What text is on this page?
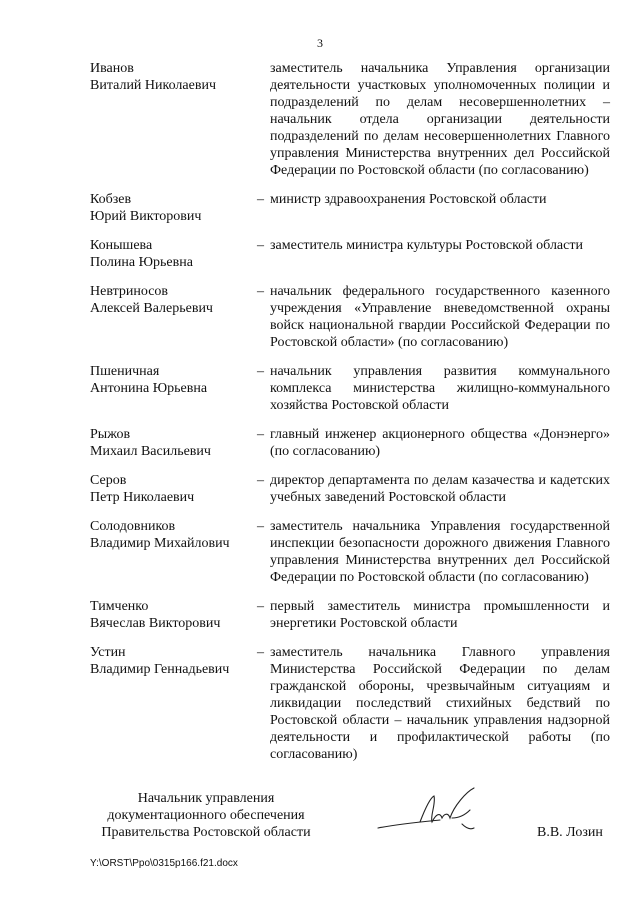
3
Иванов
Виталий Николаевич
заместитель начальника Управления организации деятельности участковых уполномоченных полиции и подразделений по делам несовершеннолетних – начальник отдела организации деятельности подразделений по делам несовершеннолетних Главного управления Министерства внутренних дел Российской Федерации по Ростовской области (по согласованию)
Кобзев
Юрий Викторович
– министр здравоохранения Ростовской области
Конышева
Полина Юрьевна
– заместитель министра культуры Ростовской области
Невтриносов
Алексей Валерьевич
– начальник федерального государственного казенного учреждения «Управление вневедомственной охраны войск национальной гвардии Российской Федерации по Ростовской области» (по согласованию)
Пшеничная
Антонина Юрьевна
– начальник управления развития коммунального комплекса министерства жилищно-коммунального хозяйства Ростовской области
Рыжов
Михаил Васильевич
– главный инженер акционерного общества «Донэнерго» (по согласованию)
Серов
Петр Николаевич
– директор департамента по делам казачества и кадетских учебных заведений Ростовской области
Солодовников
Владимир Михайлович
– заместитель начальника Управления государственной инспекции безопасности дорожного движения Главного управления Министерства внутренних дел Российской Федерации по Ростовской области (по согласованию)
Тимченко
Вячеслав Викторович
– первый заместитель министра промышленности и энергетики Ростовской области
Устин
Владимир Геннадьевич
– заместитель начальника Главного управления Министерства Российской Федерации по делам гражданской обороны, чрезвычайным ситуациям и ликвидации последствий стихийных бедствий по Ростовской области – начальник управления надзорной деятельности и профилактической работы (по согласованию)
Начальник управления
документационного обеспечения
Правительства Ростовской области	В.В. Лозин
Y:\ORST\Ppo\0315p166.f21.docx
